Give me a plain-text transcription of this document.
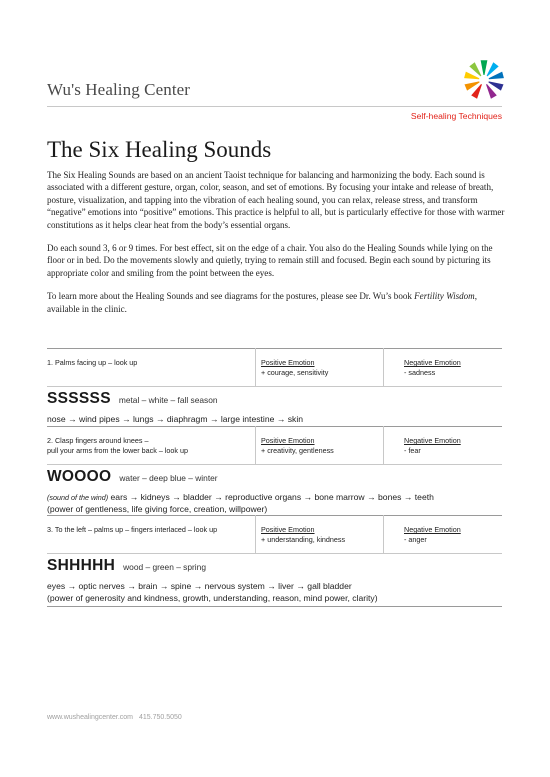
Wu's Healing Center
Self-healing Techniques
The Six Healing Sounds

The Six Healing Sounds are based on an ancient Taoist technique for balancing and harmonizing the body. Each sound is associated with a different gesture, organ, color, season, and set of emotions. By focusing your intake and release of breath, posture, visualization, and tapping into the vibration of each healing sound, you can relax, release stress, and transform “negative” emotions into “positive” emotions. This practice is helpful to all, but is particularly effective for those with warmer constitutions as it helps clear heat from the body’s essential organs.

Do each sound 3, 6 or 9 times. For best effect, sit on the edge of a chair. You also do the Healing Sounds while lying on the floor or in bed. Do the movements slowly and quietly, trying to remain still and focused. Begin each sound by picturing its appropriate color and smiling from the point between the eyes.

To learn more about the Healing Sounds and see diagrams for the postures, please see Dr. Wu’s book Fertility Wisdom, available in the clinic.

1. Palms facing up – look up	Positive Emotion
+ courage, sensitivity
Negative Emotion
- sadness
SSSSSS metal – white – fall season
nose → wind pipes → lungs → diaphragm → large intestine → skin
2. Clasp fingers around knees –
pull your arms from the lower back – look up
Positive Emotion
+ creativity, gentleness
Negative Emotion
- fear
WOOOO water – deep blue – winter
(sound of the wind) ears → kidneys → bladder → reproductive organs → bone marrow → bones → teeth
(power of gentleness, life giving force, creation, willpower)
3. To the left – palms up – fingers interlaced – look up	Positive Emotion
+ understanding, kindness
Negative Emotion
- anger
SHHHHH wood – green – spring
eyes → optic nerves → brain → spine → nervous system → liver → gall bladder
(power of generosity and kindness, growth, understanding, reason, mind power, clarity)
www.wushealingcenter.com 415.750.5050
